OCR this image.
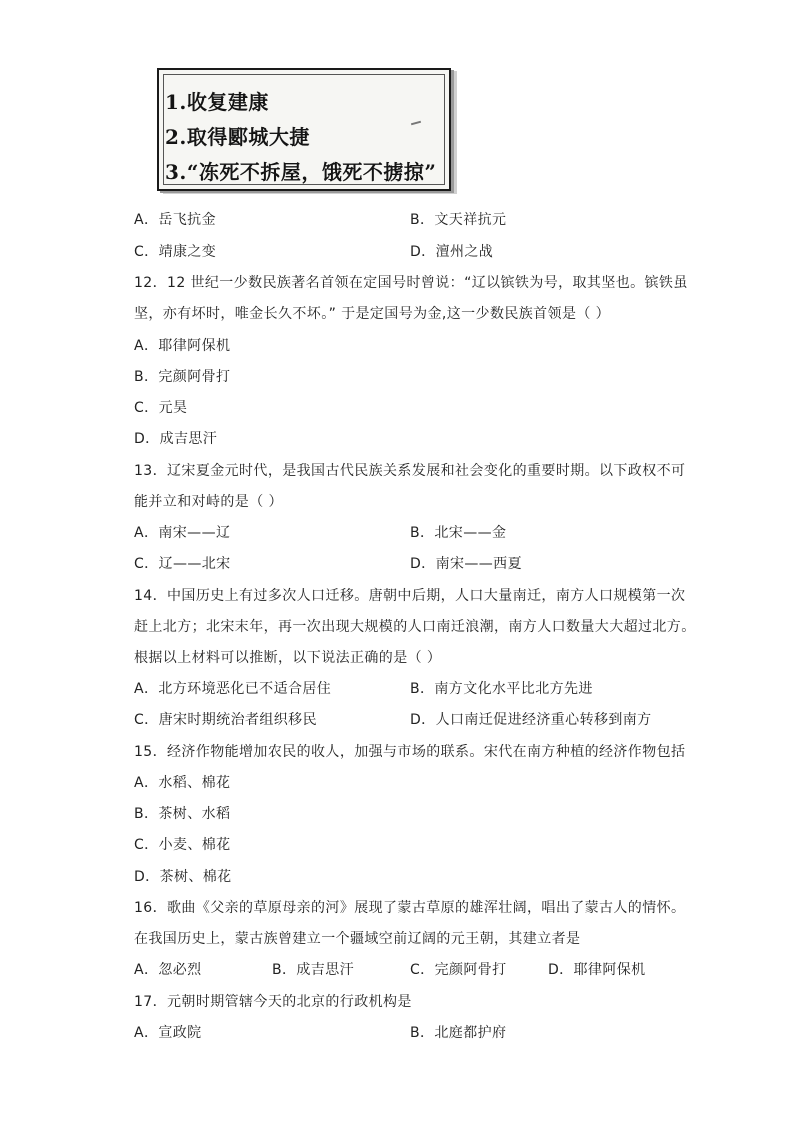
1.收复建康
2.取得郾城大捷
3.“冻死不拆屋，饿死不掳掠”
A．岳飞抗金	B．文天祥抗元
C．靖康之变	D．澶州之战
12．12 世纪一少数民族著名首领在定国号时曾说：“辽以镔铁为号，取其坚也。镔铁虽
坚，亦有坏时，唯金长久不坏。” 于是定国号为金,这一少数民族首领是（ ）
A．耶律阿保机
B．完颜阿骨打
C．元昊
D．成吉思汗
13．辽宋夏金元时代，是我国古代民族关系发展和社会变化的重要时期。以下政权不可
能并立和对峙的是（ ）
A．南宋——辽	B．北宋——金
C．辽——北宋	D．南宋——西夏
14．中国历史上有过多次人口迁移。唐朝中后期，人口大量南迁，南方人口规模第一次
赶上北方；北宋末年，再一次出现大规模的人口南迁浪潮，南方人口数量大大超过北方。
根据以上材料可以推断，以下说法正确的是（ ）
A．北方环境恶化已不适合居住	B．南方文化水平比北方先进
C．唐宋时期统治者组织移民	D．人口南迁促进经济重心转移到南方
15．经济作物能增加农民的收人，加强与市场的联系。宋代在南方种植的经济作物包括
A．水稻、棉花
B．茶树、水稻
C．小麦、棉花
D．茶树、棉花
16．歌曲《父亲的草原母亲的河》展现了蒙古草原的雄浑壮阔，唱出了蒙古人的情怀。
在我国历史上，蒙古族曾建立一个疆域空前辽阔的元王朝，其建立者是
A．忽必烈	B．成吉思汗	C．完颜阿骨打	D．耶律阿保机
17．元朝时期管辖今天的北京的行政机构是
A．宣政院	B．北庭都护府
